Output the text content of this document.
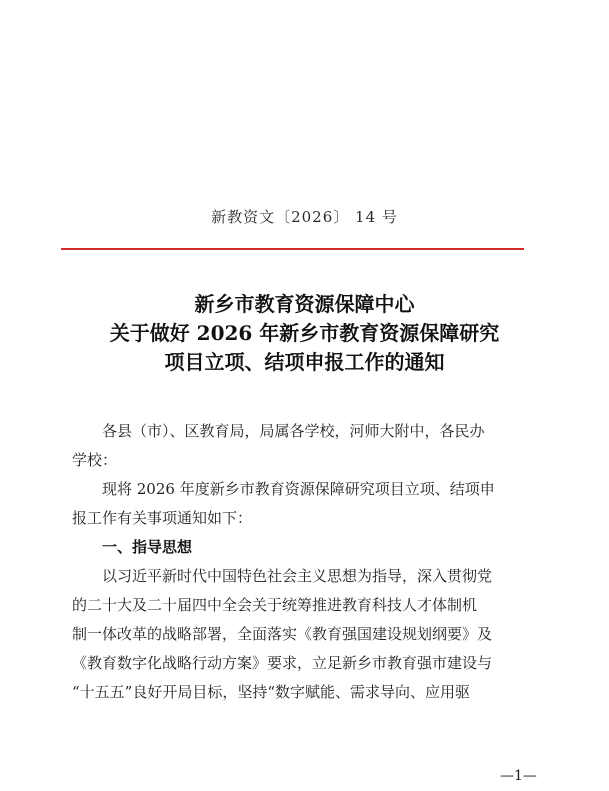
新教资文〔2026〕 14 号
新乡市教育资源保障中心
关于做好 2026 年新乡市教育资源保障研究
项目立项、结项申报工作的通知

各县（市）、区教育局，局属各学校，河师大附中，各民办

学校：

现将 2026 年度新乡市教育资源保障研究项目立项、结项申

报工作有关事项通知如下：

一、指导思想

以习近平新时代中国特色社会主义思想为指导，深入贯彻党

的二十大及二十届四中全会关于统筹推进教育科技人才体制机

制一体改革的战略部署，全面落实《教育强国建设规划纲要》及

《教育数字化战略行动方案》要求，立足新乡市教育强市建设与

“十五五”良好开局目标，坚持“数字赋能、需求导向、应用驱

—1—
